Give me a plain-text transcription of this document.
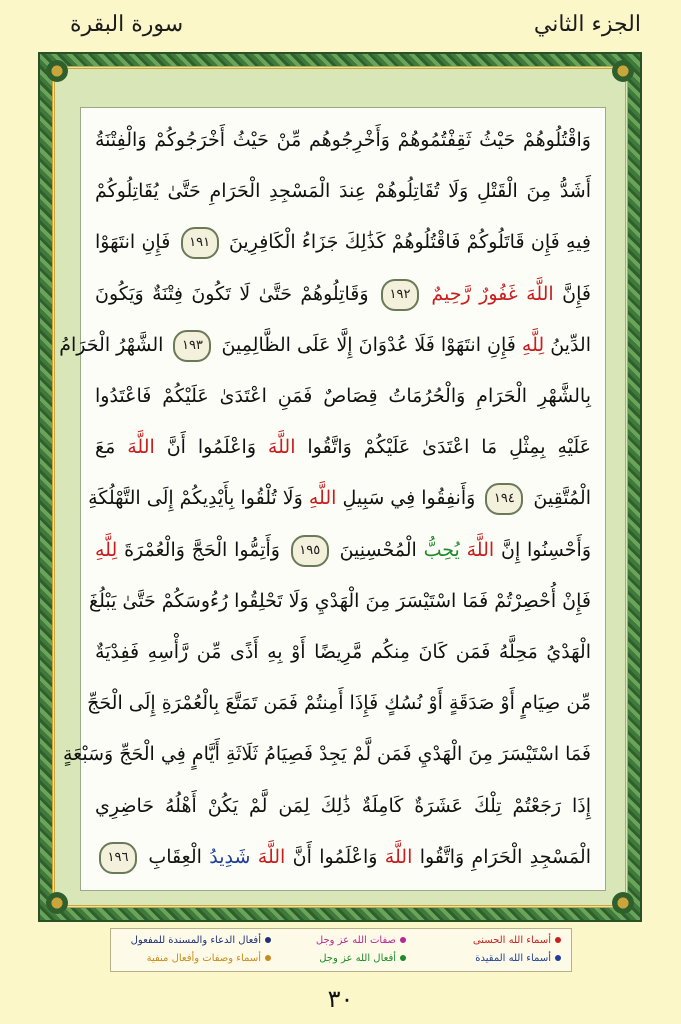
الجزء الثاني
سورة البقرة
وَاقْتُلُوهُمْ حَيْثُ ثَقِفْتُمُوهُمْ وَأَخْرِجُوهُم مِّنْ حَيْثُ أَخْرَجُوكُمْ وَالْفِتْنَةُ
أَشَدُّ مِنَ الْقَتْلِ وَلَا تُقَاتِلُوهُمْ عِندَ الْمَسْجِدِ الْحَرَامِ حَتَّىٰ يُقَاتِلُوكُمْ
فِيهِ فَإِن قَاتَلُوكُمْ فَاقْتُلُوهُمْ كَذَٰلِكَ جَزَاءُ الْكَافِرِينَ ١٩١ فَإِنِ انتَهَوْا
فَإِنَّ اللَّهَ غَفُورٌ رَّحِيمٌ ١٩٢ وَقَاتِلُوهُمْ حَتَّىٰ لَا تَكُونَ فِتْنَةٌ وَيَكُونَ
الدِّينُ لِلَّهِ فَإِنِ انتَهَوْا فَلَا عُدْوَانَ إِلَّا عَلَى الظَّالِمِينَ ١٩٣ الشَّهْرُ الْحَرَامُ
بِالشَّهْرِ الْحَرَامِ وَالْحُرُمَاتُ قِصَاصٌ فَمَنِ اعْتَدَىٰ عَلَيْكُمْ فَاعْتَدُوا
عَلَيْهِ بِمِثْلِ مَا اعْتَدَىٰ عَلَيْكُمْ وَاتَّقُوا اللَّهَ وَاعْلَمُوا أَنَّ اللَّهَ مَعَ
الْمُتَّقِينَ ١٩٤ وَأَنفِقُوا فِي سَبِيلِ اللَّهِ وَلَا تُلْقُوا بِأَيْدِيكُمْ إِلَى التَّهْلُكَةِ
وَأَحْسِنُوا إِنَّ اللَّهَ يُحِبُّ الْمُحْسِنِينَ ١٩٥ وَأَتِمُّوا الْحَجَّ وَالْعُمْرَةَ لِلَّهِ
فَإِنْ أُحْصِرْتُمْ فَمَا اسْتَيْسَرَ مِنَ الْهَدْيِ وَلَا تَحْلِقُوا رُءُوسَكُمْ حَتَّىٰ يَبْلُغَ
الْهَدْيُ مَحِلَّهُ فَمَن كَانَ مِنكُم مَّرِيضًا أَوْ بِهِ أَذًى مِّن رَّأْسِهِ فَفِدْيَةٌ
مِّن صِيَامٍ أَوْ صَدَقَةٍ أَوْ نُسُكٍ فَإِذَا أَمِنتُمْ فَمَن تَمَتَّعَ بِالْعُمْرَةِ إِلَى الْحَجِّ
فَمَا اسْتَيْسَرَ مِنَ الْهَدْيِ فَمَن لَّمْ يَجِدْ فَصِيَامُ ثَلَاثَةِ أَيَّامٍ فِي الْحَجِّ وَسَبْعَةٍ
إِذَا رَجَعْتُمْ تِلْكَ عَشَرَةٌ كَامِلَةٌ ذَٰلِكَ لِمَن لَّمْ يَكُنْ أَهْلُهُ حَاضِرِي
الْمَسْجِدِ الْحَرَامِ وَاتَّقُوا اللَّهَ وَاعْلَمُوا أَنَّ اللَّهَ شَدِيدُ الْعِقَابِ ١٩٦
أسماء الله الحسنى
صفات الله عز وجل
أفعال الدعاء والمسندة للمفعول
أسماء الله المقيدة
أفعال الله عز وجل
أسماء وصفات وأفعال منفية
٣٠
